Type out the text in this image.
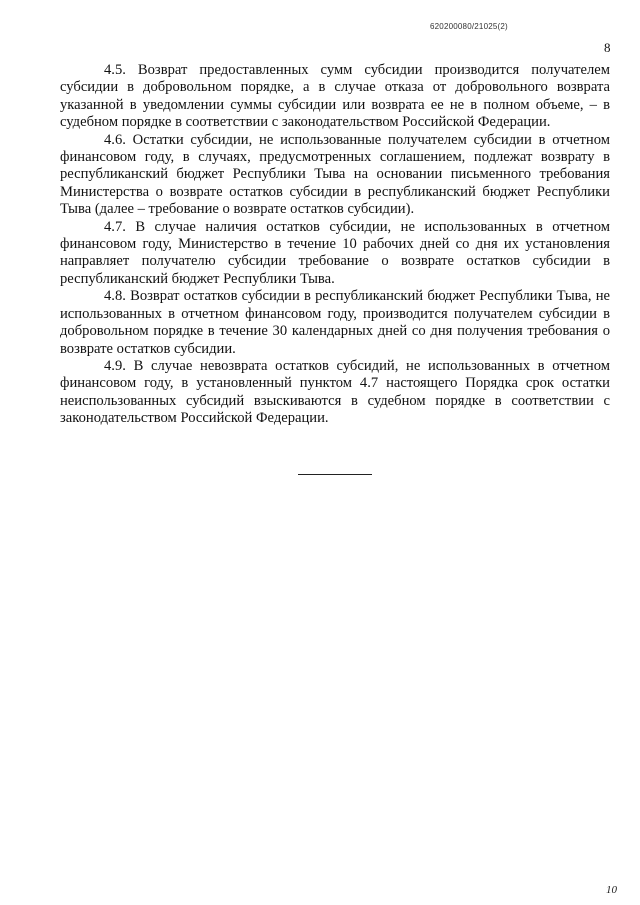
620200080/21025(2)
8

4.5. Возврат предоставленных сумм субсидии производится получателем субсидии в добровольном порядке, а в случае отказа от добровольного возврата указанной в уведомлении суммы субсидии или возврата ее не в полном объеме, – в судебном порядке в соответствии с законодательством Российской Федерации.

4.6. Остатки субсидии, не использованные получателем субсидии в отчетном финансовом году, в случаях, предусмотренных соглашением, подлежат возврату в республиканский бюджет Республики Тыва на основании письменного требования Министерства о возврате остатков субсидии в республиканский бюджет Республики Тыва (далее – требование о возврате остатков субсидии).

4.7. В случае наличия остатков субсидии, не использованных в отчетном финансовом году, Министерство в течение 10 рабочих дней со дня их установления направляет получателю субсидии требование о возврате остатков субсидии в республиканский бюджет Республики Тыва.

4.8. Возврат остатков субсидии в республиканский бюджет Республики Тыва, не использованных в отчетном финансовом году, производится получателем субсидии в добровольном порядке в течение 30 календарных дней со дня получения требования о возврате остатков субсидии.

4.9. В случае невозврата остатков субсидий, не использованных в отчетном финансовом году, в установленный пунктом 4.7 настоящего Порядка срок остатки неиспользованных субсидий взыскиваются в судебном порядке в соответствии с законодательством Российской Федерации.

10
